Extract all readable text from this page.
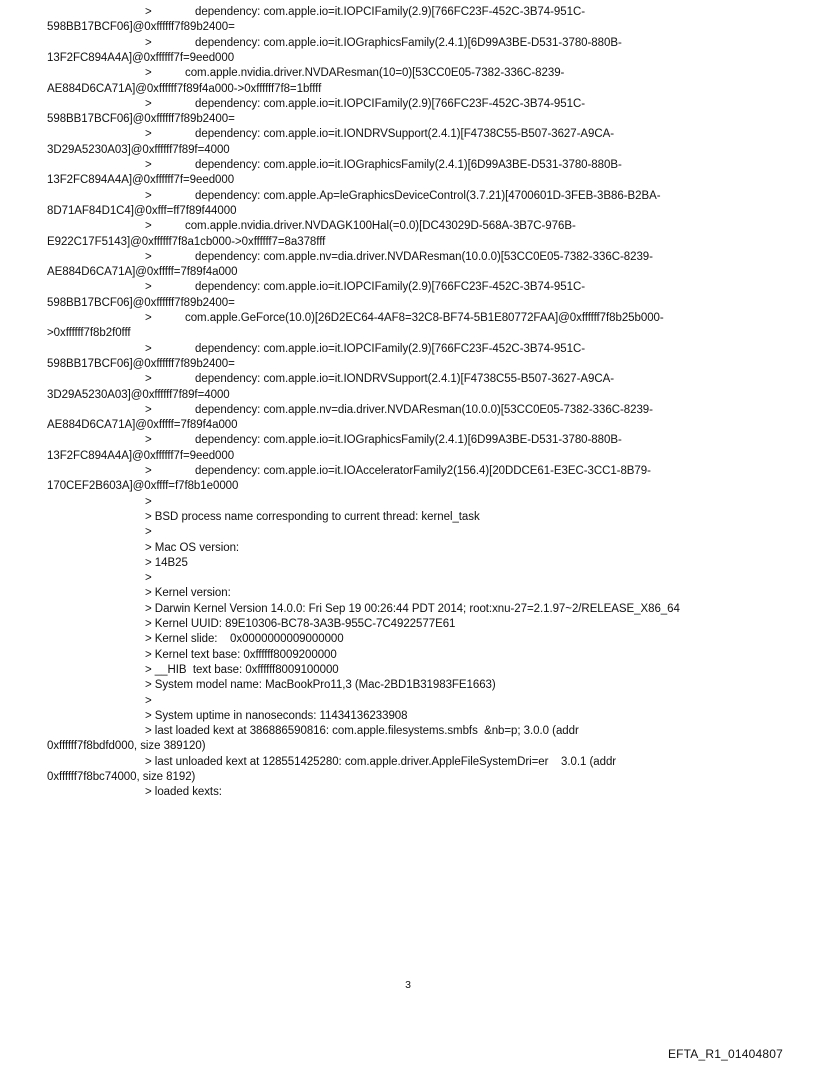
>	dependency: com.apple.io=it.IOPCIFamily(2.9)[766FC23F-452C-3B74-951C-
598BB17BCF06]@0xffffff7f89b2400=
>	dependency: com.apple.io=it.IOGraphicsFamily(2.4.1)[6D99A3BE-D531-3780-880B-
13F2FC894A4A]@0xffffff7f=9eed000
>	com.apple.nvidia.driver.NVDAResman(10=0)[53CC0E05-7382-336C-8239-
AE884D6CA71A]@0xffffff7f89f4a000->0xffffff7f8=1bffff
>	dependency: com.apple.io=it.IOPCIFamily(2.9)[766FC23F-452C-3B74-951C-
598BB17BCF06]@0xffffff7f89b2400=
>	dependency: com.apple.io=it.IONDRVSupport(2.4.1)[F4738C55-B507-3627-A9CA-
3D29A5230A03]@0xffffff7f89f=4000
>	dependency: com.apple.io=it.IOGraphicsFamily(2.4.1)[6D99A3BE-D531-3780-880B-
13F2FC894A4A]@0xffffff7f=9eed000
>	dependency: com.apple.Ap=leGraphicsDeviceControl(3.7.21)[4700601D-3FEB-3B86-B2BA-
8D71AF84D1C4]@0xfff=ff7f89f44000
>	com.apple.nvidia.driver.NVDAGK100Hal(=0.0)[DC43029D-568A-3B7C-976B-
E922C17F5143]@0xffffff7f8a1cb000->0xffffff7=8a378fff
>	dependency: com.apple.nv=dia.driver.NVDAResman(10.0.0)[53CC0E05-7382-336C-8239-
AE884D6CA71A]@0xfffff=7f89f4a000
>	dependency: com.apple.io=it.IOPCIFamily(2.9)[766FC23F-452C-3B74-951C-
598BB17BCF06]@0xffffff7f89b2400=
>	com.apple.GeForce(10.0)[26D2EC64-4AF8=32C8-BF74-5B1E80772FAA]@0xffffff7f8b25b000-
>0xffffff7f8b2f0fff
>	dependency: com.apple.io=it.IOPCIFamily(2.9)[766FC23F-452C-3B74-951C-
598BB17BCF06]@0xffffff7f89b2400=
>	dependency: com.apple.io=it.IONDRVSupport(2.4.1)[F4738C55-B507-3627-A9CA-
3D29A5230A03]@0xffffff7f89f=4000
>	dependency: com.apple.nv=dia.driver.NVDAResman(10.0.0)[53CC0E05-7382-336C-8239-
AE884D6CA71A]@0xfffff=7f89f4a000
>	dependency: com.apple.io=it.IOGraphicsFamily(2.4.1)[6D99A3BE-D531-3780-880B-
13F2FC894A4A]@0xffffff7f=9eed000
>	dependency: com.apple.io=it.IOAcceleratorFamily2(156.4)[20DDCE61-E3EC-3CC1-8B79-
170CEF2B603A]@0xffff=f7f8b1e0000
>
> BSD process name corresponding to current thread: kernel_task
>
> Mac OS version:
> 14B25
>
> Kernel version:
> Darwin Kernel Version 14.0.0: Fri Sep 19 00:26:44 PDT 2014; root:xnu-27=2.1.97~2/RELEASE_X86_64
> Kernel UUID: 89E10306-BC78-3A3B-955C-7C4922577E61
> Kernel slide:    0x0000000009000000
> Kernel text base: 0xffffff8009200000
> __HIB  text base: 0xffffff8009100000
> System model name: MacBookPro11,3 (Mac-2BD1B31983FE1663)
>
> System uptime in nanoseconds: 11434136233908
> last loaded kext at 386886590816: com.apple.filesystems.smbfs  &nb=p; 3.0.0 (addr
0xffffff7f8bdfd000, size 389120)
> last unloaded kext at 128551425280: com.apple.driver.AppleFileSystemDri=er    3.0.1 (addr
0xffffff7f8bc74000, size 8192)
> loaded kexts:
3
EFTA_R1_01404807
